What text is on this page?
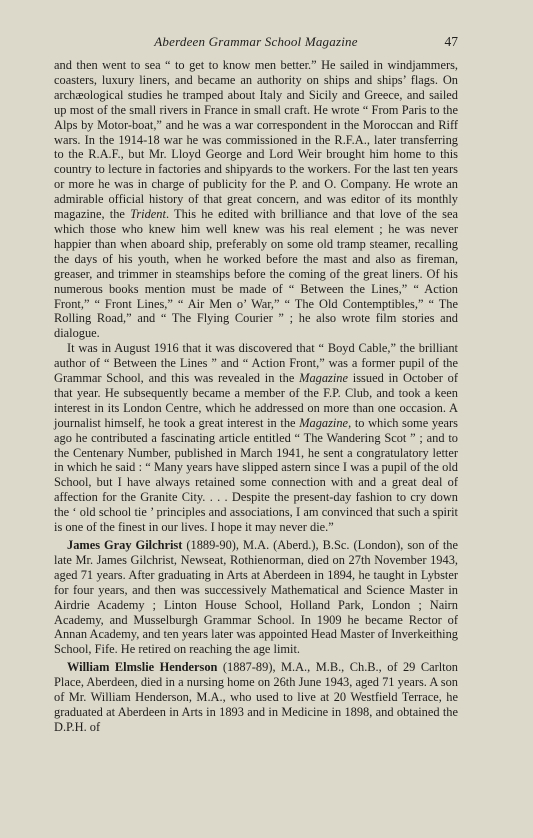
Aberdeen Grammar School Magazine	47

and then went to sea “ to get to know men better.” He sailed in windjammers, coasters, luxury liners, and became an authority on ships and ships’ flags. On archæological studies he tramped about Italy and Sicily and Greece, and sailed up most of the small rivers in France in small craft. He wrote “ From Paris to the Alps by Motor-boat,” and he was a war correspondent in the Moroccan and Riff wars. In the 1914-18 war he was commissioned in the R.F.A., later transferring to the R.A.F., but Mr. Lloyd George and Lord Weir brought him home to this country to lecture in factories and shipyards to the workers. For the last ten years or more he was in charge of publicity for the P. and O. Company. He wrote an admirable official history of that great concern, and was editor of its monthly magazine, the Trident. This he edited with brilliance and that love of the sea which those who knew him well knew was his real element ; he was never happier than when aboard ship, preferably on some old tramp steamer, recalling the days of his youth, when he worked before the mast and also as fireman, greaser, and trimmer in steamships before the coming of the great liners. Of his numerous books mention must be made of “ Between the Lines,” “ Action Front,” “ Front Lines,” “ Air Men o’ War,” “ The Old Contemptibles,” “ The Rolling Road,” and “ The Flying Courier ” ; he also wrote film stories and dialogue.

It was in August 1916 that it was discovered that “ Boyd Cable,” the brilliant author of “ Between the Lines ” and “ Action Front,” was a former pupil of the Grammar School, and this was revealed in the Magazine issued in October of that year. He subsequently became a member of the F.P. Club, and took a keen interest in its London Centre, which he addressed on more than one occasion. A journalist himself, he took a great interest in the Magazine, to which some years ago he contributed a fascinating article entitled “ The Wandering Scot ” ; and to the Centenary Number, published in March 1941, he sent a congratulatory letter in which he said : “ Many years have slipped astern since I was a pupil of the old School, but I have always retained some connection with and a great deal of affection for the Granite City. . . . Despite the present-day fashion to cry down the ‘ old school tie ’ principles and associations, I am convinced that such a spirit is one of the finest in our lives. I hope it may never die.”

James Gray Gilchrist (1889-90), M.A. (Aberd.), B.Sc. (London), son of the late Mr. James Gilchrist, Newseat, Rothienorman, died on 27th November 1943, aged 71 years. After graduating in Arts at Aberdeen in 1894, he taught in Lybster for four years, and then was successively Mathematical and Science Master in Airdrie Academy ; Linton House School, Holland Park, London ; Nairn Academy, and Musselburgh Grammar School. In 1909 he became Rector of Annan Academy, and ten years later was appointed Head Master of Inverkeithing School, Fife. He retired on reaching the age limit.

William Elmslie Henderson (1887-89), M.A., M.B., Ch.B., of 29 Carlton Place, Aberdeen, died in a nursing home on 26th June 1943, aged 71 years. A son of Mr. William Henderson, M.A., who used to live at 20 Westfield Terrace, he graduated at Aberdeen in Arts in 1893 and in Medicine in 1898, and obtained the D.P.H. of
